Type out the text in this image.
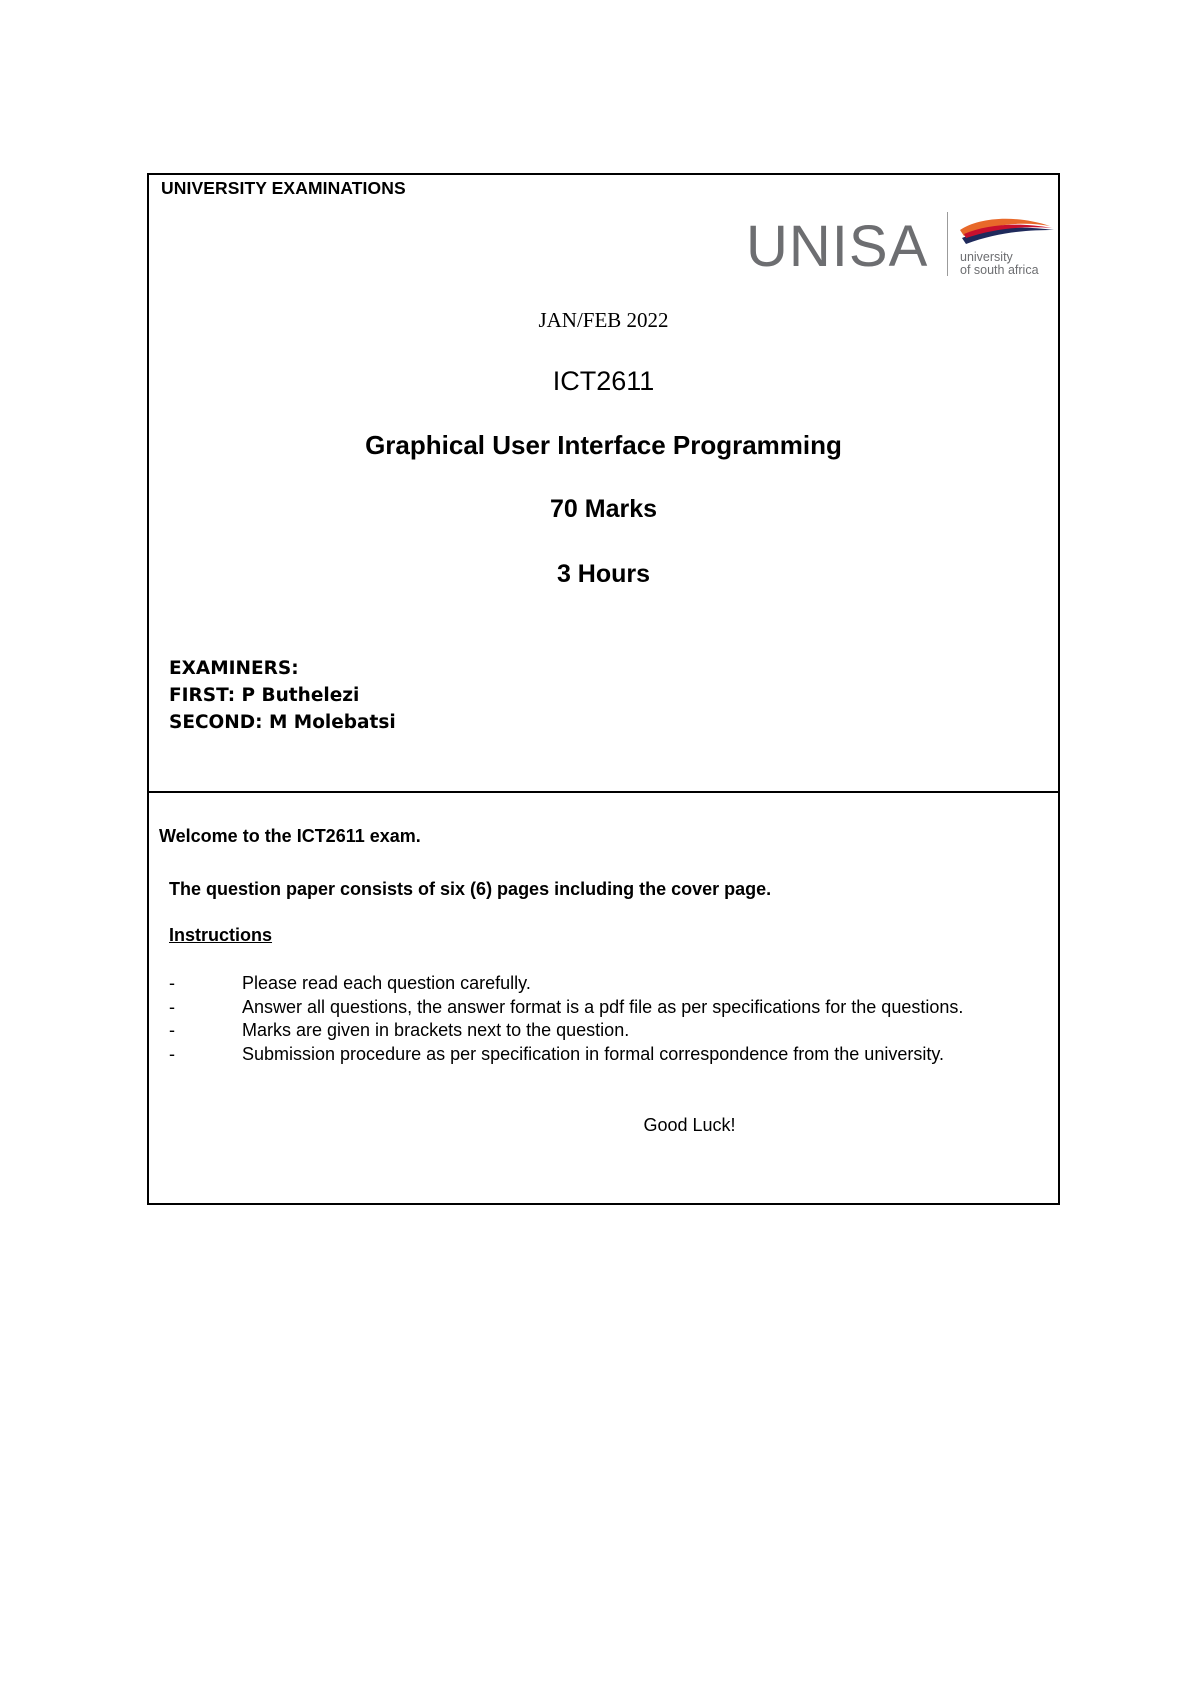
UNIVERSITY EXAMINATIONS
UNISA	university
of south africa
JAN/FEB 2022
ICT2611
Graphical User Interface Programming
70 Marks
3 Hours
EXAMINERS:
FIRST: P Buthelezi
SECOND: M Molebatsi
Welcome to the ICT2611 exam.
The question paper consists of six (6) pages including the cover page.
Instructions
-	Please read each question carefully.
-	Answer all questions, the answer format is a pdf file as per specifications for the questions.
-	Marks are given in brackets next to the question.
-	Submission procedure as per specification in formal correspondence from the university.
Good Luck!
